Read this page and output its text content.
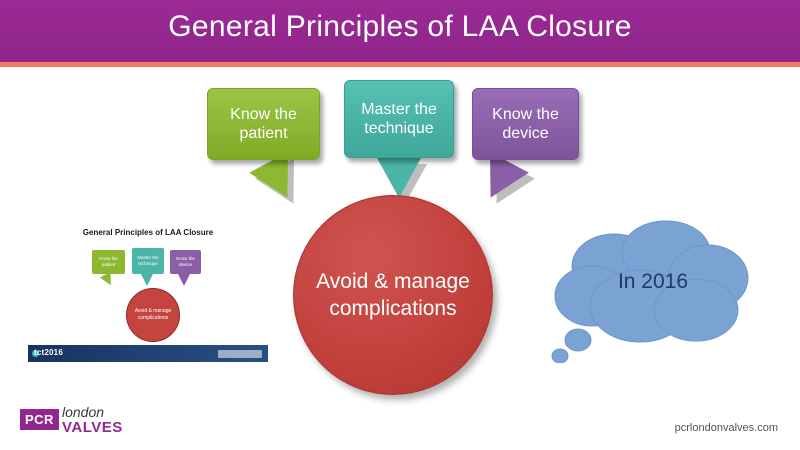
General Principles of LAA Closure
Know the patient
Master the technique
Know the device
Avoid & manage complications
In 2016
General Principles of LAA Closure
Know the patient
Master the technique
Know the device
Avoid & manage complications
tct2016
PCR london
VALVES	pcrlondonvalves.com
